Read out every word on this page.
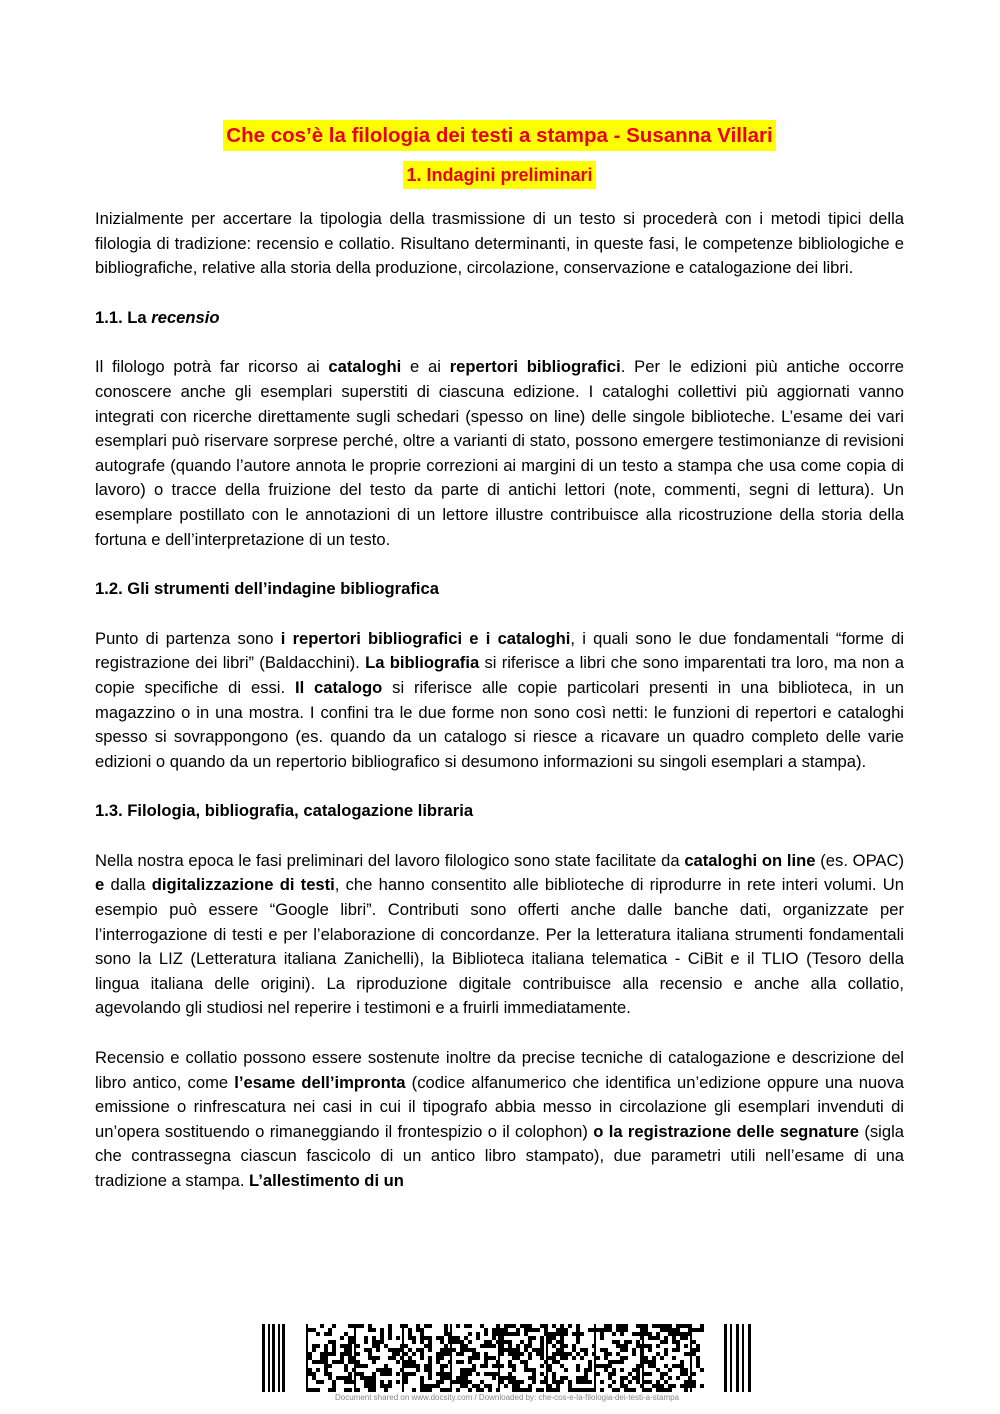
Che cos’è la filologia dei testi a stampa - Susanna Villari
1. Indagini preliminari

Inizialmente per accertare la tipologia della trasmissione di un testo si procederà con i metodi tipici della filologia di tradizione: recensio e collatio. Risultano determinanti, in queste fasi, le competenze bibliologiche e bibliografiche, relative alla storia della produzione, circolazione, conservazione e catalogazione dei libri.

1.1. La recensio

Il filologo potrà far ricorso ai cataloghi e ai repertori bibliografici. Per le edizioni più antiche occorre conoscere anche gli esemplari superstiti di ciascuna edizione. I cataloghi collettivi più aggiornati vanno integrati con ricerche direttamente sugli schedari (spesso on line) delle singole biblioteche. L’esame dei vari esemplari può riservare sorprese perché, oltre a varianti di stato, possono emergere testimonianze di revisioni autografe (quando l’autore annota le proprie correzioni ai margini di un testo a stampa che usa come copia di lavoro) o tracce della fruizione del testo da parte di antichi lettori (note, commenti, segni di lettura). Un esemplare postillato con le annotazioni di un lettore illustre contribuisce alla ricostruzione della storia della fortuna e dell’interpretazione di un testo.

1.2. Gli strumenti dell’indagine bibliografica

Punto di partenza sono i repertori bibliografici e i cataloghi, i quali sono le due fondamentali “forme di registrazione dei libri” (Baldacchini). La bibliografia si riferisce a libri che sono imparentati tra loro, ma non a copie specifiche di essi. Il catalogo si riferisce alle copie particolari presenti in una biblioteca, in un magazzino o in una mostra. I confini tra le due forme non sono così netti: le funzioni di repertori e cataloghi spesso si sovrappongono (es. quando da un catalogo si riesce a ricavare un quadro completo delle varie edizioni o quando da un repertorio bibliografico si desumono informazioni su singoli esemplari a stampa).

1.3. Filologia, bibliografia, catalogazione libraria

Nella nostra epoca le fasi preliminari del lavoro filologico sono state facilitate da cataloghi on line (es. OPAC) e dalla digitalizzazione di testi, che hanno consentito alle biblioteche di riprodurre in rete interi volumi. Un esempio può essere “Google libri”. Contributi sono offerti anche dalle banche dati, organizzate per l’interrogazione di testi e per l’elaborazione di concordanze. Per la letteratura italiana strumenti fondamentali sono la LIZ (Letteratura italiana Zanichelli), la Biblioteca italiana telematica - CiBit e il TLIO (Tesoro della lingua italiana delle origini). La riproduzione digitale contribuisce alla recensio e anche alla collatio, agevolando gli studiosi nel reperire i testimoni e a fruirli immediatamente.

Recensio e collatio possono essere sostenute inoltre da precise tecniche di catalogazione e descrizione del libro antico, come l’esame dell’impronta (codice alfanumerico che identifica un’edizione oppure una nuova emissione o rinfrescatura nei casi in cui il tipografo abbia messo in circolazione gli esemplari invenduti di un’opera sostituendo o rimaneggiando il frontespizio o il colophon) o la registrazione delle segnature (sigla che contrassegna ciascun fascicolo di un antico libro stampato), due parametri utili nell’esame di una tradizione a stampa. L’allestimento di un

Document shared on www.docsity.com / Downloaded by: che-cos-e-la-filologia-dei-testi-a-stampa
